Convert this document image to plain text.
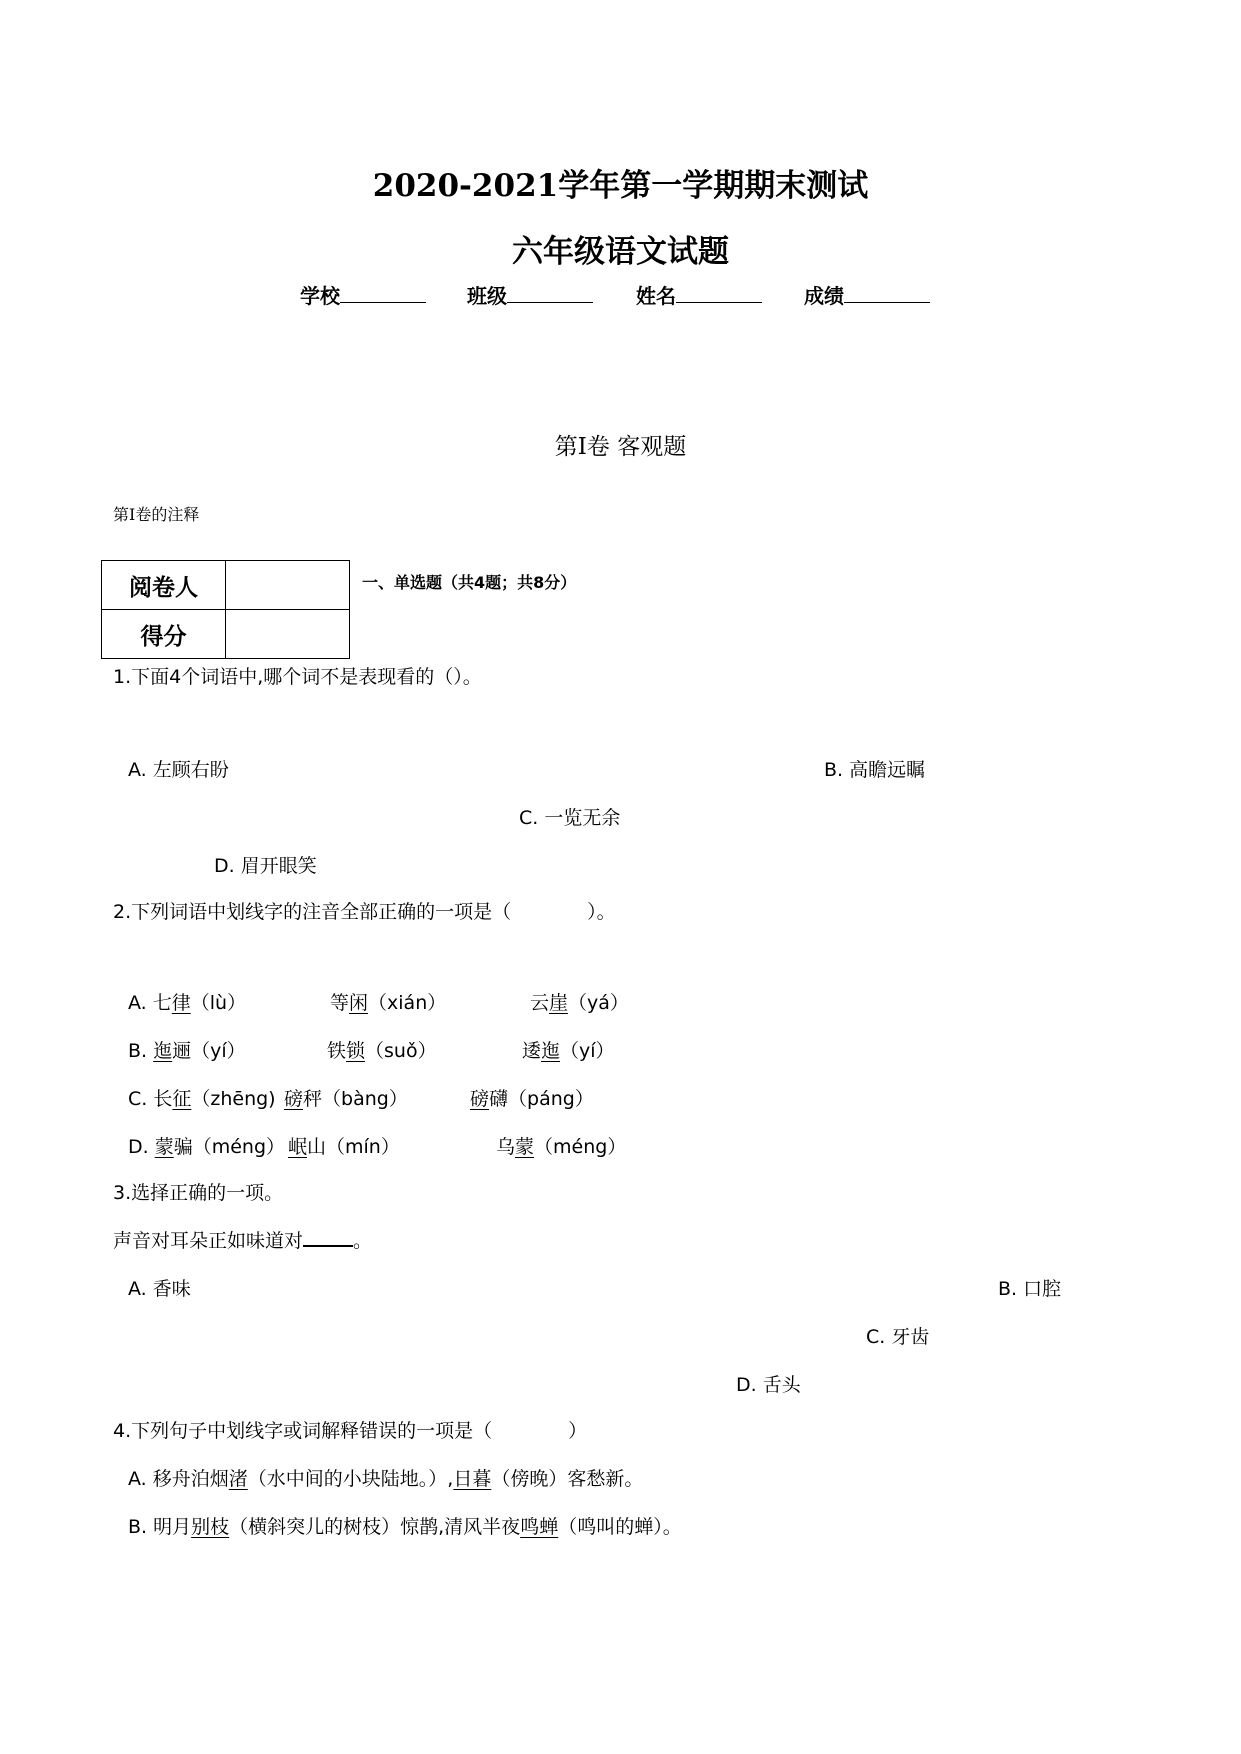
2020-2021学年第一学期期末测试
六年级语文试题
学校	班级	姓名	成绩
第Ⅰ卷 客观题
第Ⅰ卷的注释
阅卷人	
得分	
一、单选题（共4题；共8分）
1.下面4个词语中,哪个词不是表现看的（）。
A. 左顾右盼	B. 高瞻远瞩
C. 一览无余
D. 眉开眼笑
2.下列词语中划线字的注音全部正确的一项是（　　　　）。
A. 七律（lù）	等闲（xián）	云崖（yá）
B. 迤逦（yí）	铁锁（suǒ）	逶迤（yí）
C. 长征（zhēng) 磅秤（bàng）	磅礴（páng）
D. 蒙骗（méng） 岷山（mín）	乌蒙（méng）
3.选择正确的一项。
声音对耳朵正如味道对	。
A. 香味	B. 口腔
C. 牙齿
D. 舌头
4.下列句子中划线字或词解释错误的一项是（　　　　）
A. 移舟泊烟渚（水中间的小块陆地。）,日暮（傍晚）客愁新。
B. 明月别枝（横斜突儿的树枝）惊鹊,清风半夜鸣蝉（鸣叫的蝉）。
